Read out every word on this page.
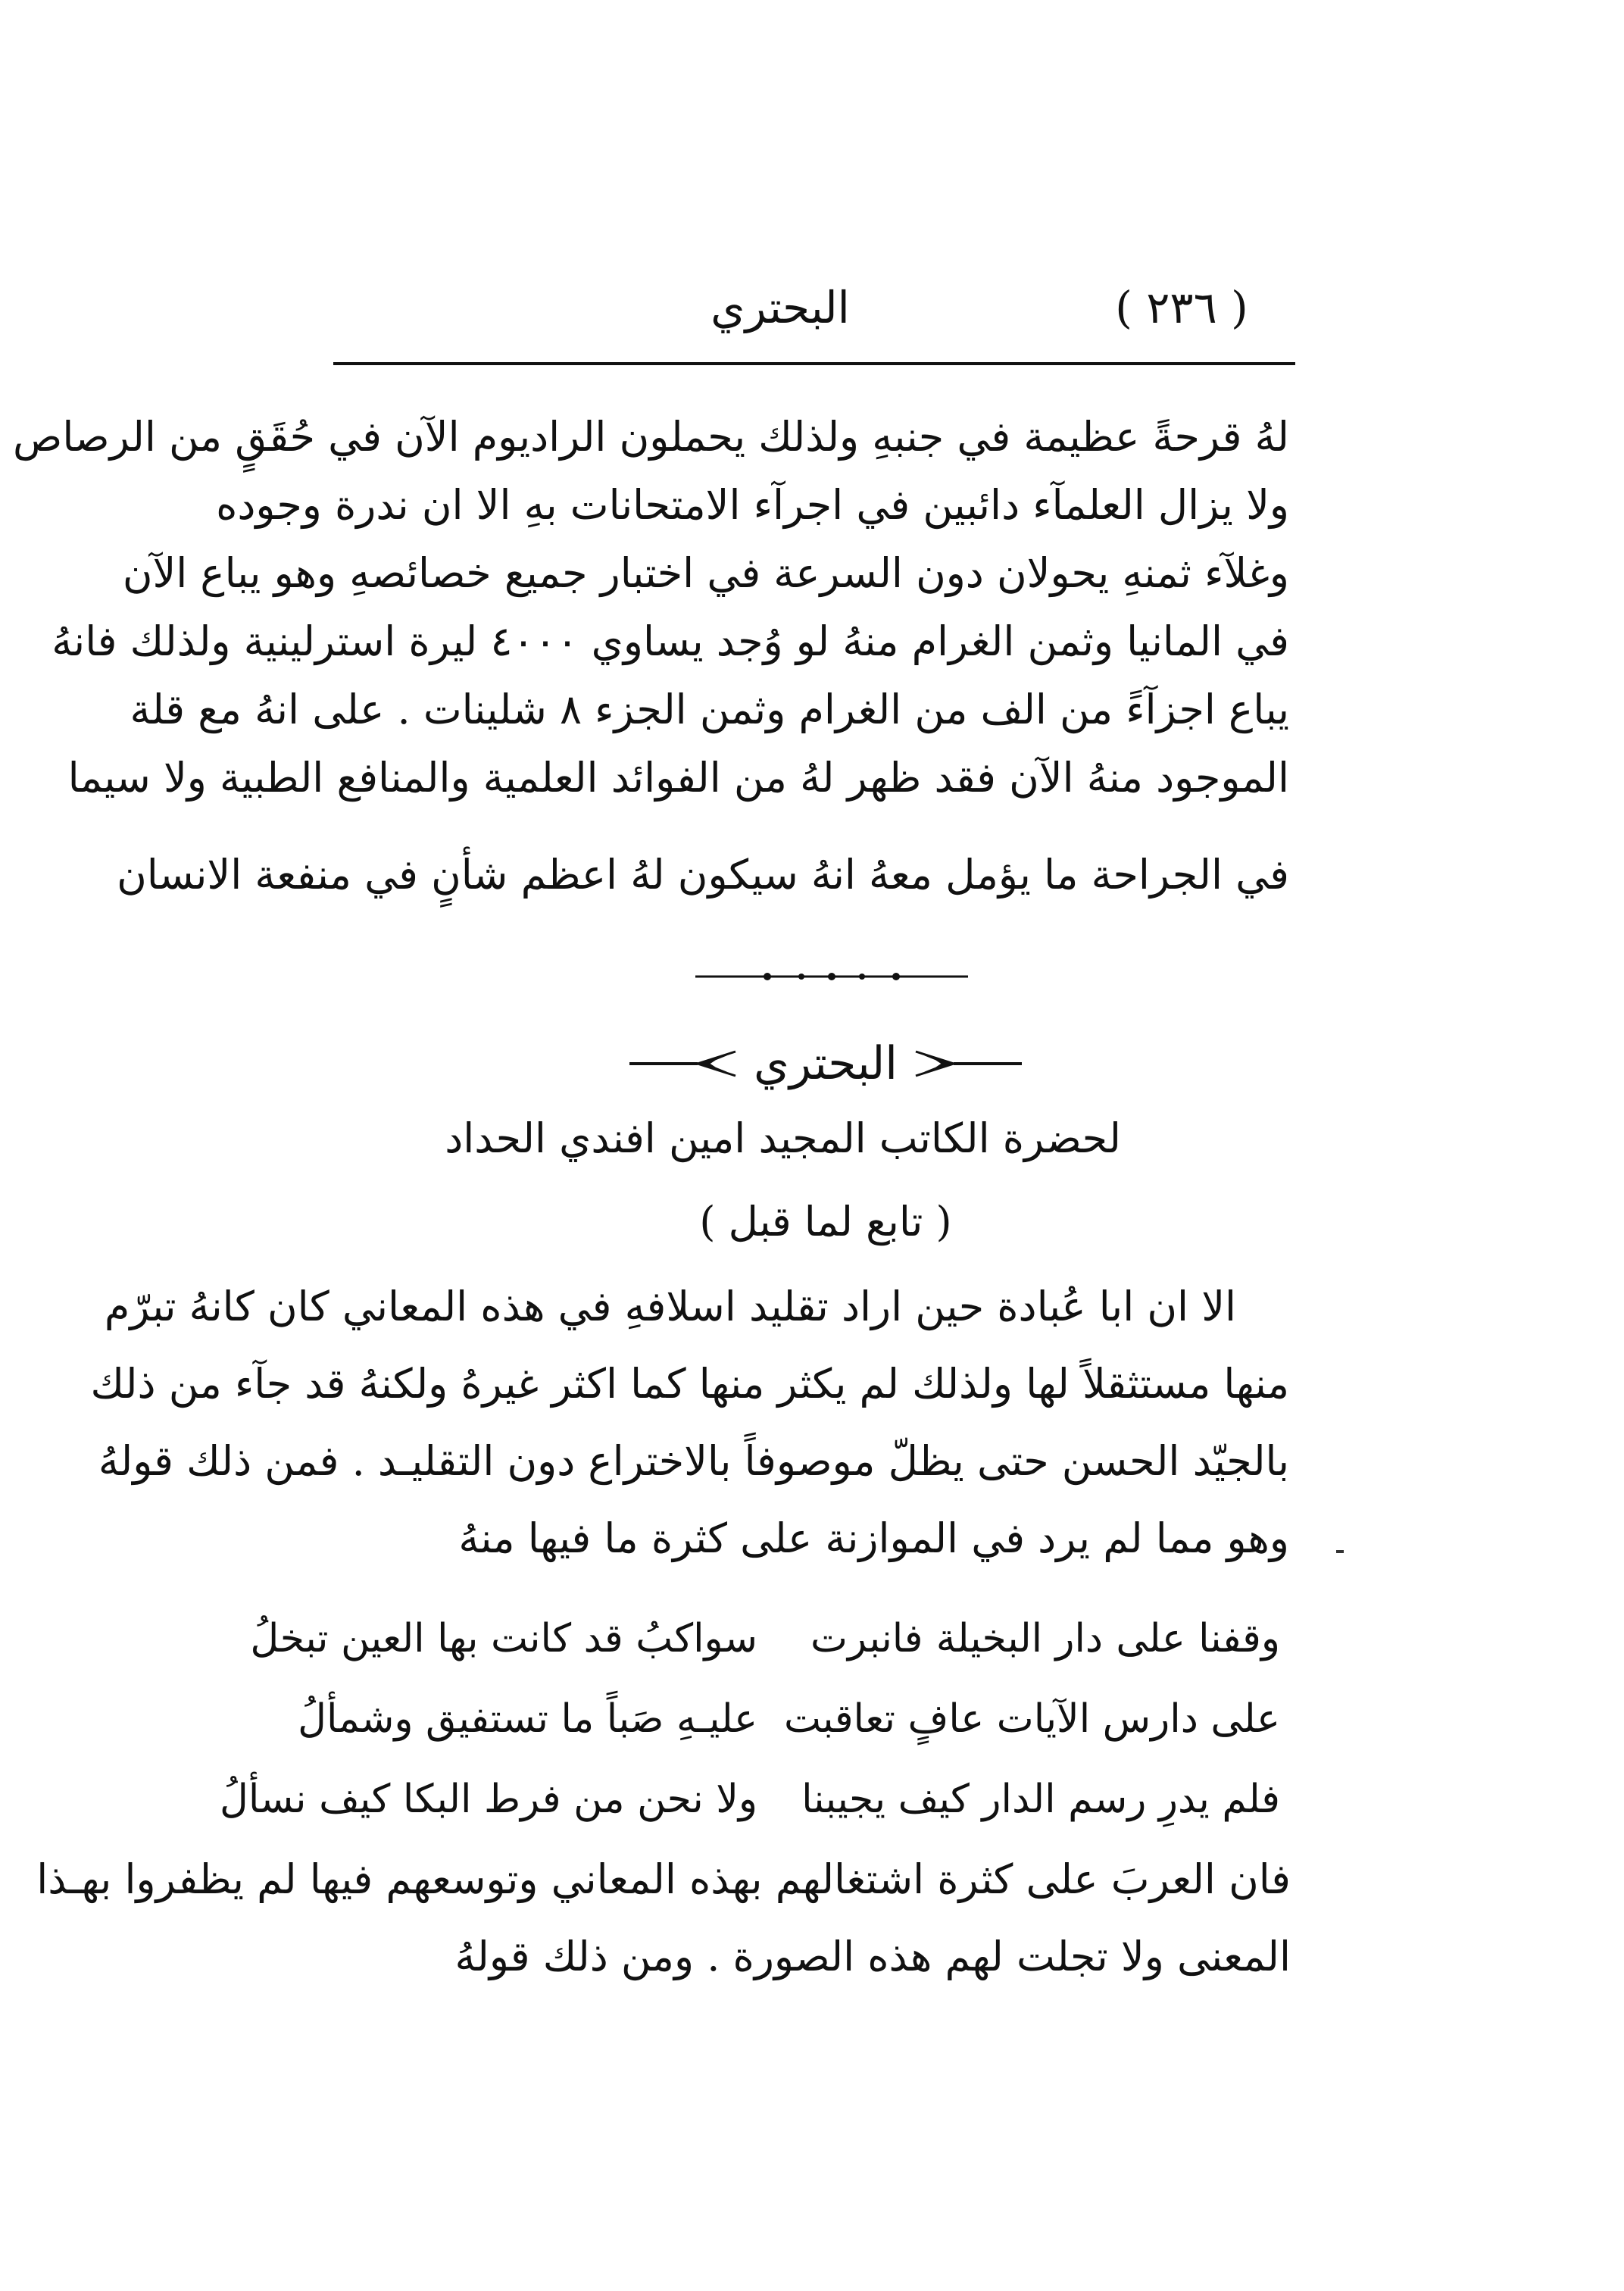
( ٢٣٦ )
البحتري
لهُ قرحةً عظيمة في جنبهِ ولذلك يحملون الراديوم الآن في حُقَقٍ من الرصاص
ولا يزال العلمآء دائبين في اجرآء الامتحانات بهِ الا ان ندرة وجوده
وغلآء ثمنهِ يحولان دون السرعة في اختبار جميع خصائصهِ وهو يباع الآن
في المانيا وثمن الغرام منهُ لو وُجد يساوي ٤٠٠٠ ليرة استرلينية ولذلك فانهُ
يباع اجزآءً من الف من الغرام وثمن الجزء ٨ شلينات . على انهُ مع قلة
الموجود منهُ الآن فقد ظهر لهُ من الفوائد العلمية والمنافع الطبية ولا سيما
في الجراحة ما يؤمل معهُ انهُ سيكون لهُ اعظم شأنٍ في منفعة الانسان
البحتري
لحضرة الكاتب المجيد امين افندي الحداد
( تابع لما قبل )
الا ان ابا عُبادة حين اراد تقليد اسلافهِ في هذه المعاني كان كانهُ تبرّم
منها مستثقلاً لها ولذلك لم يكثر منها كما اكثر غيرهُ ولكنهُ قد جآء من ذلك
بالجيّد الحسن حتى يظلّ موصوفاً بالاختراع دون التقليـد . فمن ذلك قولهُ
وهو مما لم يرد في الموازنة على كثرة ما فيها منهُ
وقفنا على دار البخيلة فانبرت
سواكبُ قد كانت بها العين تبخلُ
على دارس الآيات عافٍ تعاقبت
عليـهِ صَباً ما تستفيق وشمألُ
فلم يدرِ رسم الدار كيف يجيبنا
ولا نحن من فرط البكا كيف نسألُ
فان العربَ على كثرة اشتغالهم بهذه المعاني وتوسعهم فيها لم يظفروا بهـذا
المعنى ولا تجلت لهم هذه الصورة . ومن ذلك قولهُ
